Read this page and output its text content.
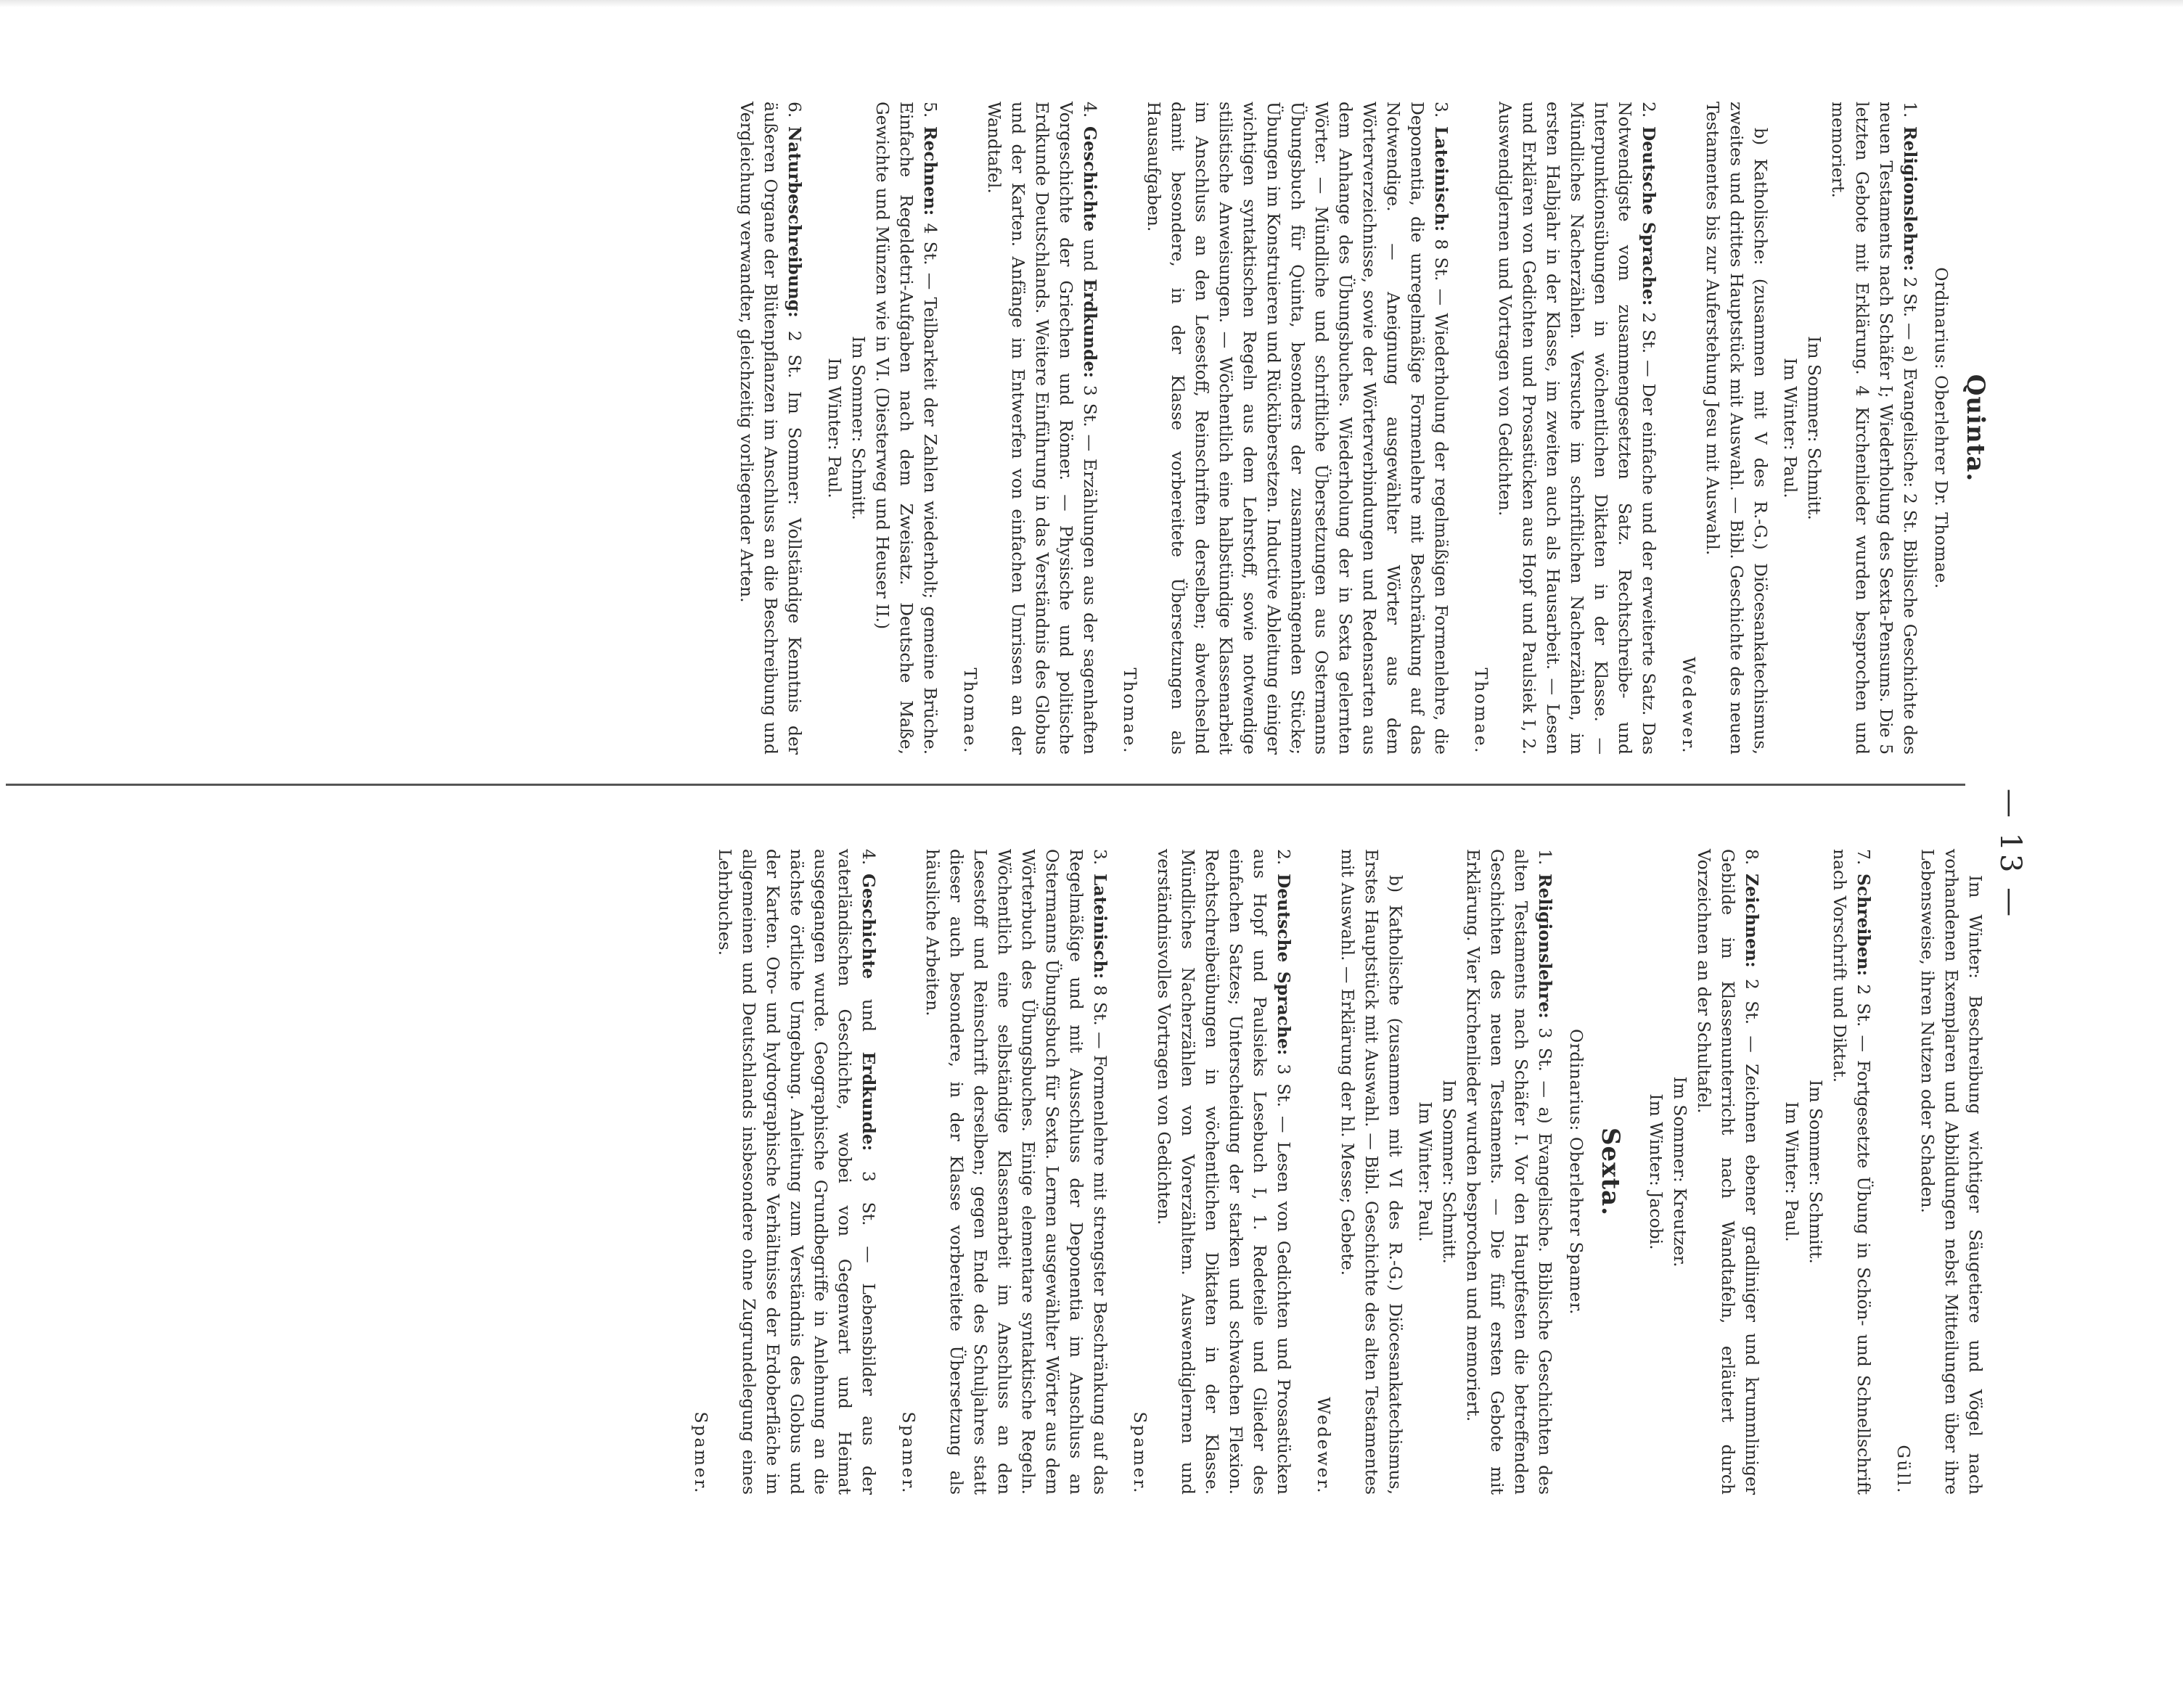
— 13 —
Quinta.
Ordinarius: Oberlehrer Dr. Thomae.

1.Religionslehre: 2 St. — a) Evangelische: 2 St. Biblische Geschichte des neuen Testaments nach Schäfer I; Wiederholung des Sexta-Pensums. Die 5 letzten Gebote mit Erklärung. 4 Kirchenlieder wurden besprochen und memoriert.

Im Sommer: Schmitt.

Im Winter: Paul.

b) Katholische: (zusammen mit V des R.-G.) Diöcesankatechismus, zweites und drittes Hauptstück mit Auswahl. — Bibl. Geschichte des neuen Testamentes bis zur Auferstehung Jesu mit Auswahl.

Wedewer.

2.Deutsche Sprache: 2 St. — Der einfache und der erweiterte Satz. Das Notwendigste vom zusammengesetzten Satz. Rechtschreibe- und Interpunktionsübungen in wöchentlichen Diktaten in der Klasse. — Mündliches Nacherzählen. Versuche im schriftlichen Nacherzählen, im ersten Halbjahr in der Klasse, im zweiten auch als Hausarbeit. — Lesen und Erklären von Gedichten und Prosastücken aus Hopf und Paulsiek I, 2. Auswendiglernen und Vortragen von Gedichten.

Thomae.

3.Lateinisch: 8 St. — Wiederholung der regelmäßigen Formenlehre, die Deponentia, die unregelmäßige Formenlehre mit Beschränkung auf das Notwendige. — Aneignung ausgewählter Wörter aus dem Wörterverzeichnisse, sowie der Wörterverbindungen und Redensarten aus dem Anhange des Übungsbuches. Wiederholung der in Sexta gelernten Wörter. — Mündliche und schriftliche Übersetzungen aus Ostermanns Übungsbuch für Quinta, besonders der zusammenhängenden Stücke; Übungen im Konstruieren und Rückübersetzen. Inductive Ableitung einiger wichtigen syntaktischen Regeln aus dem Lehrstoff, sowie notwendige stilistische Anweisungen. — Wöchentlich eine halbstündige Klassenarbeit im Anschluss an den Lesestoff, Reinschriften derselben; abwechselnd damit besondere, in der Klasse vorbereitete Übersetzungen als Hausaufgaben.

Thomae.

4.Geschichte und Erdkunde: 3 St. — Erzählungen aus der sagenhaften Vorgeschichte der Griechen und Römer. — Physische und politische Erdkunde Deutschlands. Weitere Einführung in das Verständnis des Globus und der Karten. Anfänge im Entwerfen von einfachen Umrissen an der Wandtafel.

Thomae.

5.Rechnen: 4 St. — Teilbarkeit der Zahlen wiederholt; gemeine Brüche. Einfache Regeldetri-Aufgaben nach dem Zweisatz. Deutsche Maße, Gewichte und Münzen wie in VI. (Diesterweg und Heuser II.)

Im Sommer: Schmitt.

Im Winter: Paul.

6.Naturbeschreibung: 2 St. Im Sommer: Vollständige Kenntnis der äußeren Organe der Blütenpflanzen im Anschluss an die Beschreibung und Vergleichung verwandter, gleichzeitig vorliegender Arten.

Im Winter: Beschreibung wichtiger Säugetiere und Vögel nach vorhandenen Exemplaren und Abbildungen nebst Mitteilungen über ihre Lebensweise, ihren Nutzen oder Schaden.

Güll.

7.Schreiben: 2 St. — Fortgesetzte Übung in Schön- und Schnellschrift nach Vorschrift und Diktat.

Im Sommer: Schmitt.

Im Winter: Paul.

8.Zeichnen: 2 St. — Zeichnen ebener gradliniger und krummliniger Gebilde im Klassenunterricht nach Wandtafeln, erläutert durch Vorzeichnen an der Schultafel.

Im Sommer: Kreutzer.

Im Winter: Jacobi.

Sexta.
Ordinarius: Oberlehrer Spamer.

1.Religionslehre: 3 St. — a) Evangelische. Biblische Geschichten des alten Testaments nach Schäfer I. Vor den Hauptfesten die betreffenden Geschichten des neuen Testaments. — Die fünf ersten Gebote mit Erklärung. Vier Kirchenlieder wurden besprochen und memoriert.

Im Sommer: Schmitt.

Im Winter: Paul.

b) Katholische (zusammen mit VI des R.-G.) Diöcesankatechismus, Erstes Hauptstück mit Auswahl. — Bibl. Geschichte des alten Testamentes mit Auswahl. — Erklärung der hl. Messe; Gebete.

Wedewer.

2.Deutsche Sprache: 3 St. — Lesen von Gedichten und Prosastücken aus Hopf und Paulsieks Lesebuch I, 1. Redeteile und Glieder des einfachen Satzes; Unterscheidung der starken und schwachen Flexion. Rechtschreibeübungen in wöchentlichen Diktaten in der Klasse. Mündliches Nacherzählen von Vorerzähltem. Auswendiglernen und verständnisvolles Vortragen von Gedichten.

Spamer.

3.Lateinisch: 8 St. — Formenlehre mit strengster Beschränkung auf das Regelmäßige und mit Ausschluss der Deponentia im Anschluss an Ostermanns Übungsbuch für Sexta. Lernen ausgewählter Wörter aus dem Wörterbuch des Übungsbuches. Einige elementare syntaktische Regeln. Wöchentlich eine selbständige Klassenarbeit im Anschluss an den Lesestoff und Reinschrift derselben; gegen Ende des Schuljahres statt dieser auch besondere, in der Klasse vorbereitete Übersetzung als häusliche Arbeiten.

Spamer.

4.Geschichte und Erdkunde: 3 St. — Lebensbilder aus der vaterländischen Geschichte, wobei von Gegenwart und Heimat ausgegangen wurde. Geographische Grundbegriffe in Anlehnung an die nächste örtliche Umgebung. Anleitung zum Verständnis des Globus und der Karten. Oro- und hydrographische Verhältnisse der Erdoberfläche im allgemeinen und Deutschlands insbesondere ohne Zugrundelegung eines Lehrbuches.

Spamer.
